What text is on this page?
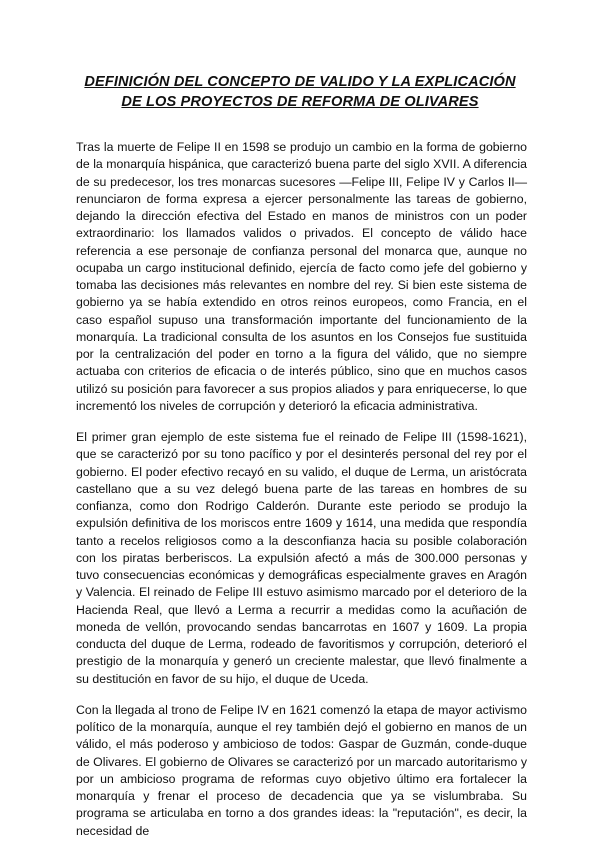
DEFINICIÓN DEL CONCEPTO DE VALIDO Y LA EXPLICACIÓN
DE LOS PROYECTOS DE REFORMA DE OLIVARES

Tras la muerte de Felipe II en 1598 se produjo un cambio en la forma de gobierno de la monarquía hispánica, que caracterizó buena parte del siglo XVII. A diferencia de su predecesor, los tres monarcas sucesores —Felipe III, Felipe IV y Carlos II— renunciaron de forma expresa a ejercer personalmente las tareas de gobierno, dejando la dirección efectiva del Estado en manos de ministros con un poder extraordinario: los llamados validos o privados. El concepto de válido hace referencia a ese personaje de confianza personal del monarca que, aunque no ocupaba un cargo institucional definido, ejercía de facto como jefe del gobierno y tomaba las decisiones más relevantes en nombre del rey. Si bien este sistema de gobierno ya se había extendido en otros reinos europeos, como Francia, en el caso español supuso una transformación importante del funcionamiento de la monarquía. La tradicional consulta de los asuntos en los Consejos fue sustituida por la centralización del poder en torno a la figura del válido, que no siempre actuaba con criterios de eficacia o de interés público, sino que en muchos casos utilizó su posición para favorecer a sus propios aliados y para enriquecerse, lo que incrementó los niveles de corrupción y deterioró la eficacia administrativa.

El primer gran ejemplo de este sistema fue el reinado de Felipe III (1598-1621), que se caracterizó por su tono pacífico y por el desinterés personal del rey por el gobierno. El poder efectivo recayó en su valido, el duque de Lerma, un aristócrata castellano que a su vez delegó buena parte de las tareas en hombres de su confianza, como don Rodrigo Calderón. Durante este periodo se produjo la expulsión definitiva de los moriscos entre 1609 y 1614, una medida que respondía tanto a recelos religiosos como a la desconfianza hacia su posible colaboración con los piratas berberiscos. La expulsión afectó a más de 300.000 personas y tuvo consecuencias económicas y demográficas especialmente graves en Aragón y Valencia. El reinado de Felipe III estuvo asimismo marcado por el deterioro de la Hacienda Real, que llevó a Lerma a recurrir a medidas como la acuñación de moneda de vellón, provocando sendas bancarrotas en 1607 y 1609. La propia conducta del duque de Lerma, rodeado de favoritismos y corrupción, deterioró el prestigio de la monarquía y generó un creciente malestar, que llevó finalmente a su destitución en favor de su hijo, el duque de Uceda.

Con la llegada al trono de Felipe IV en 1621 comenzó la etapa de mayor activismo político de la monarquía, aunque el rey también dejó el gobierno en manos de un válido, el más poderoso y ambicioso de todos: Gaspar de Guzmán, conde-duque de Olivares. El gobierno de Olivares se caracterizó por un marcado autoritarismo y por un ambicioso programa de reformas cuyo objetivo último era fortalecer la monarquía y frenar el proceso de decadencia que ya se vislumbraba. Su programa se articulaba en torno a dos grandes ideas: la "reputación", es decir, la necesidad de
